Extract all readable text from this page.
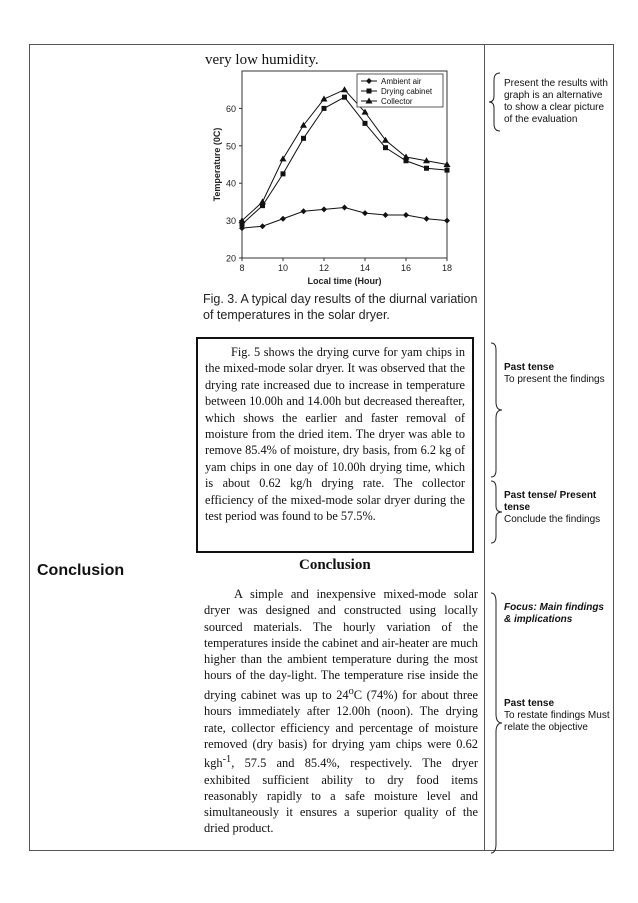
Conclusion
very low humidity.
20
30
40
50
60
8	10	12	14	16	18
Local time (Hour)
Temperature (0C)
Ambient air
Drying cabinet
Collector
Fig. 3. A typical day results of the diurnal variation of temperatures in the solar dryer.

Fig. 5 shows the drying curve for yam chips in the mixed-mode solar dryer. It was observed that the drying rate increased due to increase in temperature between 10.00h and 14.00h but decreased thereafter, which shows the earlier and faster removal of moisture from the dried item. The dryer was able to remove 85.4% of moisture, dry basis, from 6.2 kg of yam chips in one day of 10.00h drying time, which is about 0.62 kg/h drying rate. The collector efficiency of the mixed-mode solar dryer during the test period was found to be 57.5%.

Conclusion

A simple and inexpensive mixed-mode solar dryer was designed and constructed using locally sourced materials. The hourly variation of the temperatures inside the cabinet and air-heater are much higher than the ambient temperature during the most hours of the day-light. The temperature rise inside the drying cabinet was up to 24$^o$C (74%) for about three hours immediately after 12.00h (noon). The drying rate, collector efficiency and percentage of moisture removed (dry basis) for drying yam chips were 0.62 kgh$^{-1}$, 57.5 and 85.4%, respectively. The dryer exhibited sufficient ability to dry food items reasonably rapidly to a safe moisture level and simultaneously it ensures a superior quality of the dried product.

Present the results with graph is an alternative to show a clear picture of the evaluation
Past tense
To present the findings
Past tense/ Present tense
Conclude the findings
Focus: Main findings & implications
Past tense
To restate findings Must relate the objective
